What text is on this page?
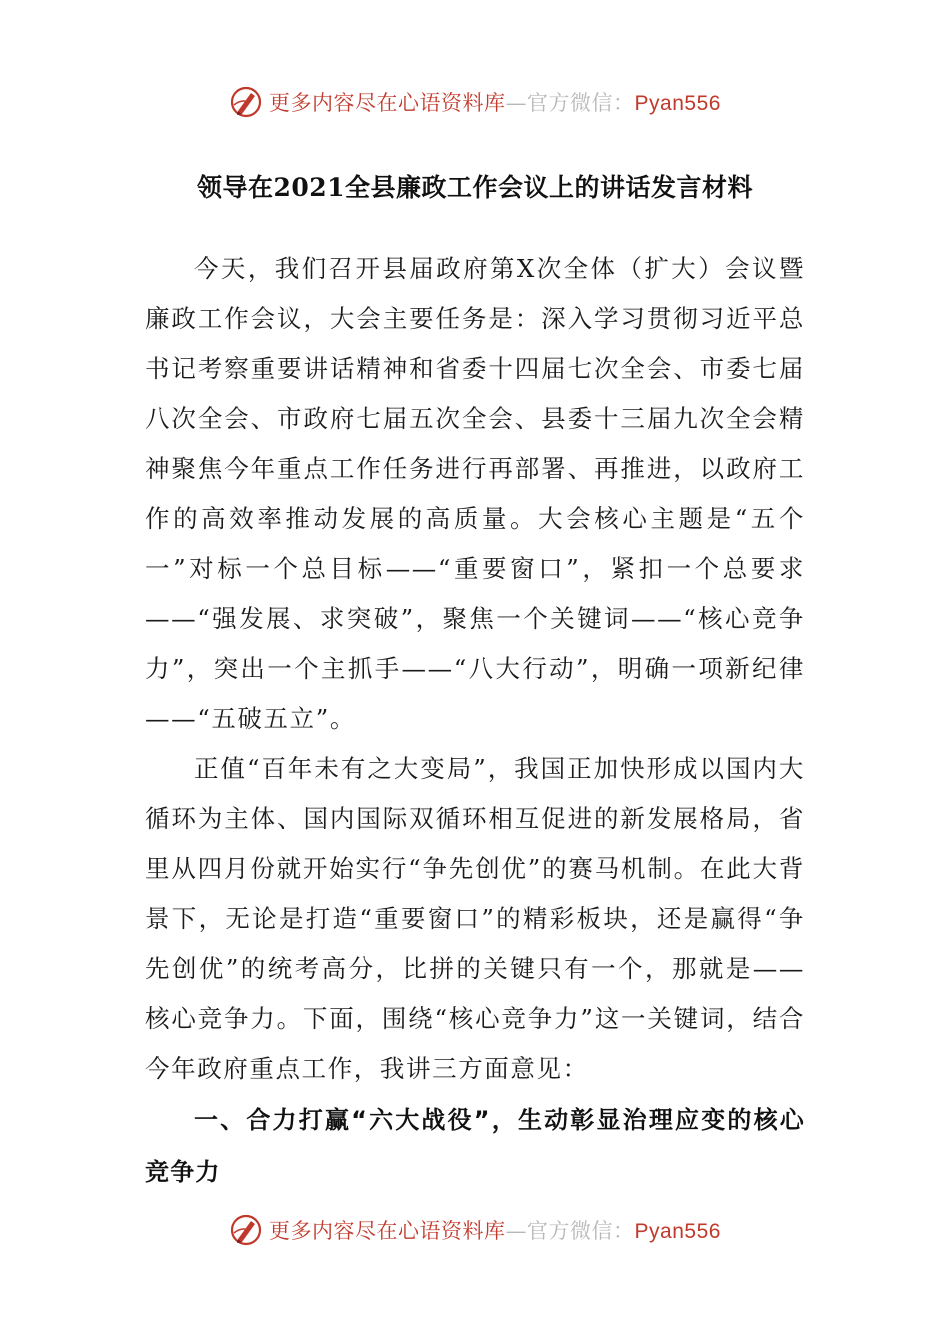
更多内容尽在心语资料库—官方微信：Pyan556
领导在2021全县廉政工作会议上的讲话发言材料

今天，我们召开县届政府第X次全体（扩大）会议暨廉政工作会议，大会主要任务是：深入学习贯彻习近平总书记考察重要讲话精神和省委十四届七次全会、市委七届八次全会、市政府七届五次全会、县委十三届九次全会精神聚焦今年重点工作任务进行再部署、再推进，以政府工作的高效率推动发展的高质量。大会核心主题是“五个一”对标一个总目标——“重要窗口”，紧扣一个总要求——“强发展、求突破”，聚焦一个关键词——“核心竞争力”，突出一个主抓手——“八大行动”，明确一项新纪律——“五破五立”。

正值“百年未有之大变局”，我国正加快形成以国内大循环为主体、国内国际双循环相互促进的新发展格局，省里从四月份就开始实行“争先创优”的赛马机制。在此大背景下，无论是打造“重要窗口”的精彩板块，还是赢得“争先创优”的统考高分，比拼的关键只有一个，那就是——核心竞争力。下面，围绕“核心竞争力”这一关键词，结合今年政府重点工作，我讲三方面意见：

一、合力打赢“六大战役”，生动彰显治理应变的核心竞争力

更多内容尽在心语资料库—官方微信：Pyan556
